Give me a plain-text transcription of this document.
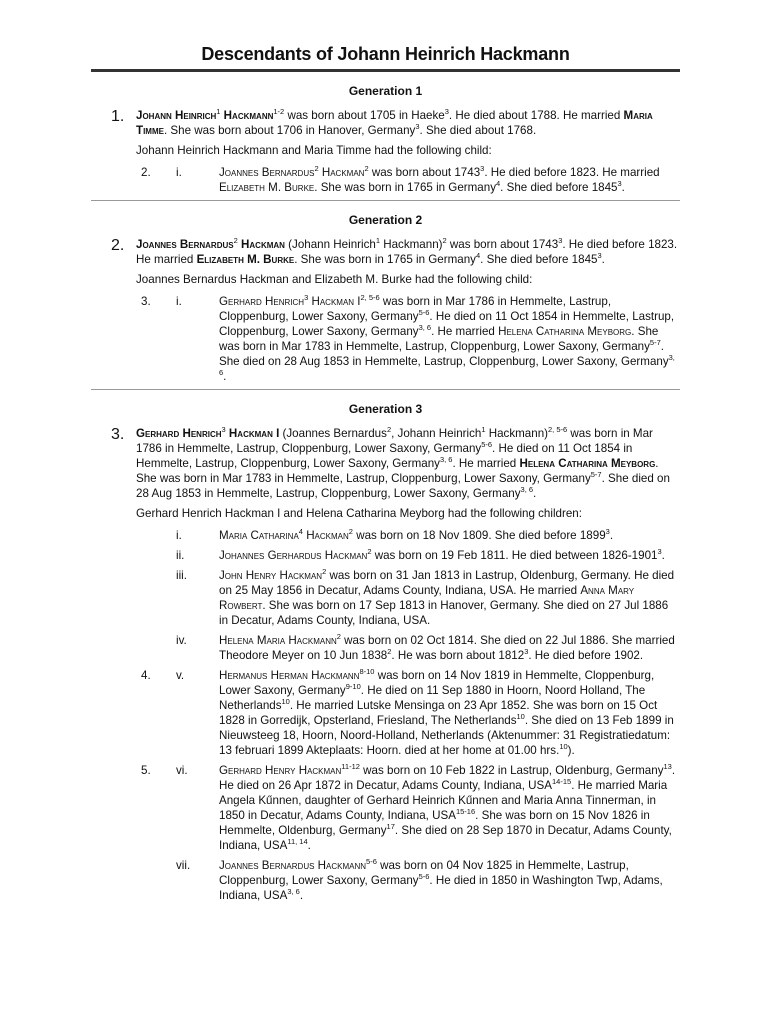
Descendants of Johann Heinrich Hackmann
Generation 1
1. Johann Heinrich$^1$ Hackmann$^{1-2}$ was born about 1705 in Haeke$^3$. He died about 1788. He married Maria Timme. She was born about 1706 in Hanover, Germany$^3$. She died about 1768.

Johann Heinrich Hackmann and Maria Timme had the following child:

2. i.	Joannes Bernardus$^2$ Hackman$^2$ was born about 1743$^3$. He died before 1823. He married Elizabeth M. Burke. She was born in 1765 in Germany$^4$. She died before 1845$^3$.
Generation 2
2. Joannes Bernardus$^2$ Hackman (Johann Heinrich$^1$ Hackmann)$^2$ was born about 1743$^3$. He died before 1823. He married Elizabeth M. Burke. She was born in 1765 in Germany$^4$. She died before 1845$^3$.

Joannes Bernardus Hackman and Elizabeth M. Burke had the following child:

3. i.	Gerhard Henrich$^3$ Hackman I$^{2, 5-6}$ was born in Mar 1786 in Hemmelte, Lastrup, Cloppenburg, Lower Saxony, Germany$^{5-6}$. He died on 11 Oct 1854 in Hemmelte, Lastrup, Cloppenburg, Lower Saxony, Germany$^{3, 6}$. He married Helena Catharina Meyborg. She was born in Mar 1783 in Hemmelte, Lastrup, Cloppenburg, Lower Saxony, Germany$^{5-7}$. She died on 28 Aug 1853 in Hemmelte, Lastrup, Cloppenburg, Lower Saxony, Germany$^{3, 6}$.
Generation 3
3. Gerhard Henrich$^3$ Hackman I (Joannes Bernardus$^2$, Johann Heinrich$^1$ Hackmann)$^{2, 5-6}$ was born in Mar 1786 in Hemmelte, Lastrup, Cloppenburg, Lower Saxony, Germany$^{5-6}$. He died on 11 Oct 1854 in Hemmelte, Lastrup, Cloppenburg, Lower Saxony, Germany$^{3, 6}$. He married Helena Catharina Meyborg. She was born in Mar 1783 in Hemmelte, Lastrup, Cloppenburg, Lower Saxony, Germany$^{5-7}$. She died on 28 Aug 1853 in Hemmelte, Lastrup, Cloppenburg, Lower Saxony, Germany$^{3, 6}$.

Gerhard Henrich Hackman I and Helena Catharina Meyborg had the following children:

i.	Maria Catharina$^4$ Hackman$^2$ was born on 18 Nov 1809. She died before 1899$^3$.
ii.	Johannes Gerhardus Hackman$^2$ was born on 19 Feb 1811. He died between 1826-1901$^3$.
iii.	John Henry Hackman$^2$ was born on 31 Jan 1813 in Lastrup, Oldenburg, Germany. He died on 25 May 1856 in Decatur, Adams County, Indiana, USA. He married Anna Mary Rowbert. She was born on 17 Sep 1813 in Hanover, Germany. She died on 27 Jul 1886 in Decatur, Adams County, Indiana, USA.
iv.	Helena Maria Hackmann$^2$ was born on 02 Oct 1814. She died on 22 Jul 1886. She married Theodore Meyer on 10 Jun 1838$^2$. He was born about 1812$^3$. He died before 1902.
4. v.	Hermanus Herman Hackmann$^{8-10}$ was born on 14 Nov 1819 in Hemmelte, Cloppenburg, Lower Saxony, Germany$^{9-10}$. He died on 11 Sep 1880 in Hoorn, Noord Holland, The Netherlands$^{10}$. He married Lutske Mensinga on 23 Apr 1852. She was born on 15 Oct 1828 in Gorredijk, Opsterland, Friesland, The Netherlands$^{10}$. She died on 13 Feb 1899 in Nieuwsteeg 18, Hoorn, Noord-Holland, Netherlands (Aktenummer: 31 Registratiedatum: 13 februari 1899 Akteplaats: Hoorn. died at her home at 01.00 hrs.$^{10}$).
5. vi.	Gerhard Henry Hackman$^{11-12}$ was born on 10 Feb 1822 in Lastrup, Oldenburg, Germany$^{13}$. He died on 26 Apr 1872 in Decatur, Adams County, Indiana, USA$^{14-15}$. He married Maria Angela Kűnnen, daughter of Gerhard Heinrich Kűnnen and Maria Anna Tinnerman, in 1850 in Decatur, Adams County, Indiana, USA$^{15-16}$. She was born on 15 Nov 1826 in Hemmelte, Oldenburg, Germany$^{17}$. She died on 28 Sep 1870 in Decatur, Adams County, Indiana, USA$^{11, 14}$.
vii.	Joannes Bernardus Hackmann$^{5-6}$ was born on 04 Nov 1825 in Hemmelte, Lastrup, Cloppenburg, Lower Saxony, Germany$^{5-6}$. He died in 1850 in Washington Twp, Adams, Indiana, USA$^{3, 6}$.
